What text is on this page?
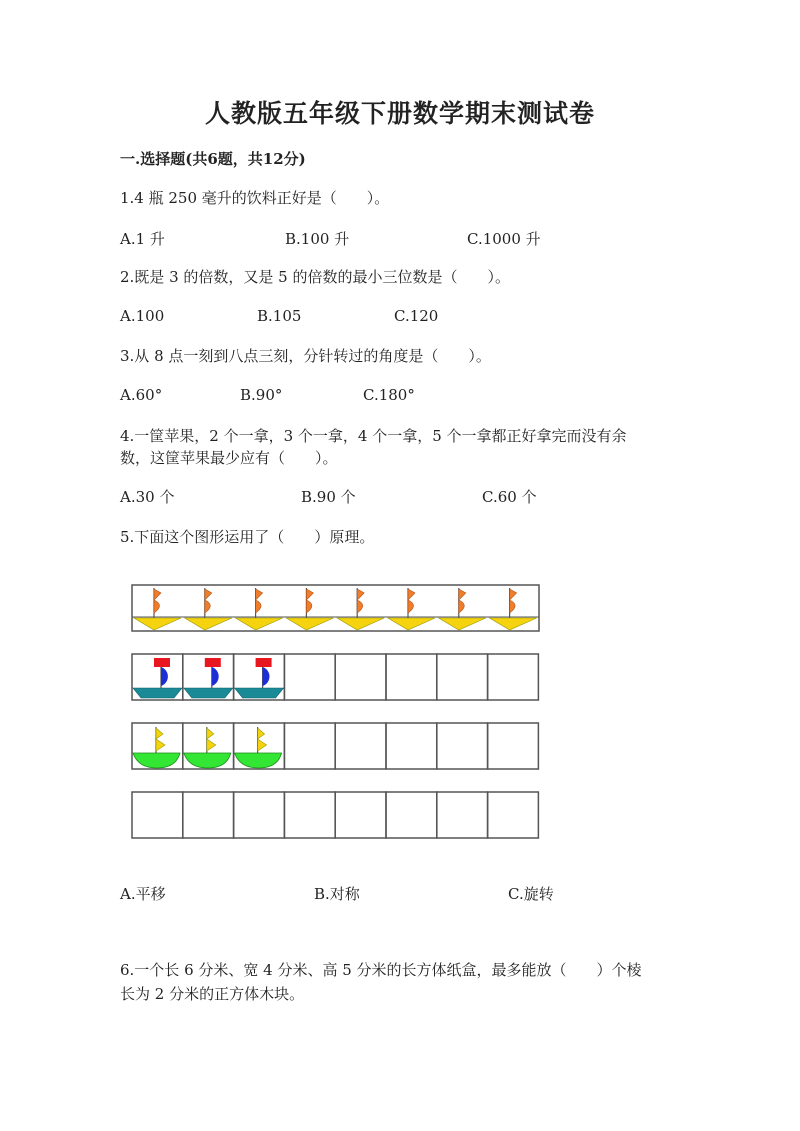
人教版五年级下册数学期末测试卷
一.选择题(共6题，共12分)
1.4 瓶 250 毫升的饮料正好是（　　）。
A.1 升	B.100 升	C.1000 升
2.既是 3 的倍数，又是 5 的倍数的最小三位数是（　　）。
A.100	B.105	C.120
3.从 8 点一刻到八点三刻，分针转过的角度是（　　）。
A.60°	B.90°	C.180°
4.一筐苹果，2 个一拿，3 个一拿，4 个一拿，5 个一拿都正好拿完而没有余
数，这筐苹果最少应有（　　）。
A.30 个	B.90 个	C.60 个
5.下面这个图形运用了（　　）原理。
A.平移	B.对称	C.旋转
6.一个长 6 分米、宽 4 分米、高 5 分米的长方体纸盒，最多能放（　　）个棱
长为 2 分米的正方体木块。
